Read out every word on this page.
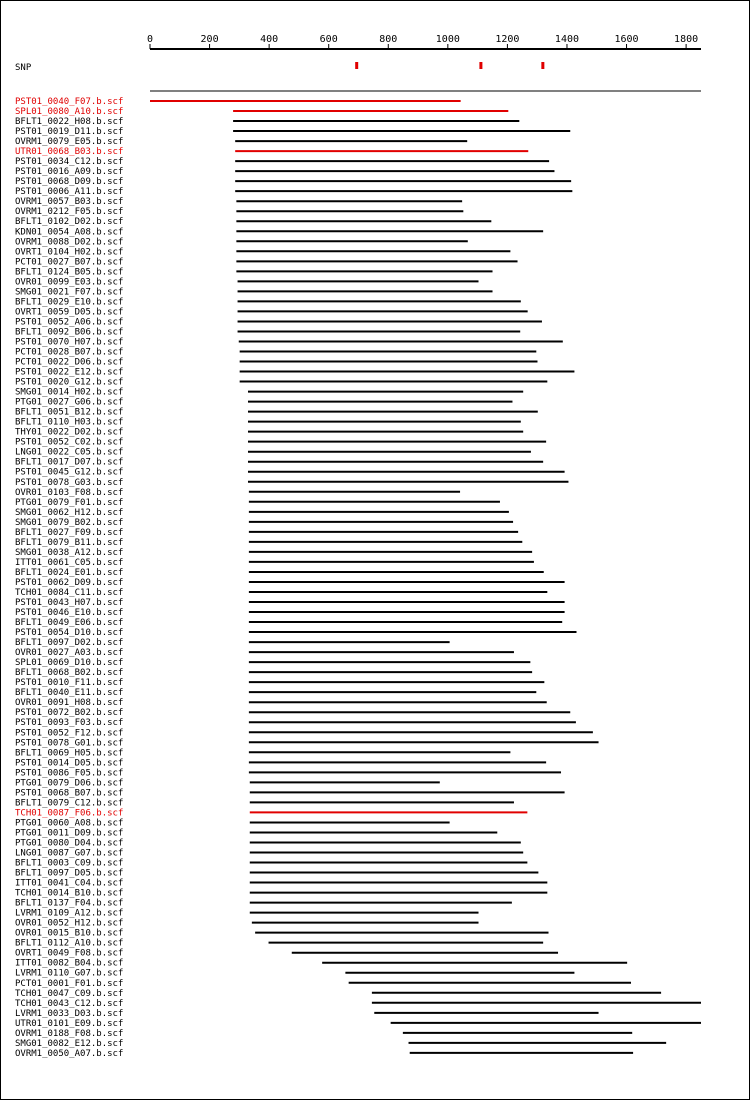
0	200	400	600	800	1000	1200	1400	1600	1800
SNP
PST01_0040_F07.b.scf
SPL01_0080_A10.b.scf
BFLT1_0022_H08.b.scf
PST01_0019_D11.b.scf
OVRM1_0079_E05.b.scf
UTR01_0068_B03.b.scf
PST01_0034_C12.b.scf
PST01_0016_A09.b.scf
PST01_0068_D09.b.scf
PST01_0006_A11.b.scf
OVRM1_0057_B03.b.scf
OVRM1_0212_F05.b.scf
BFLT1_0102_D02.b.scf
KDN01_0054_A08.b.scf
OVRM1_0088_D02.b.scf
OVRT1_0104_H02.b.scf
PCT01_0027_B07.b.scf
BFLT1_0124_B05.b.scf
OVR01_0099_E03.b.scf
SMG01_0021_F07.b.scf
BFLT1_0029_E10.b.scf
OVRT1_0059_D05.b.scf
PST01_0052_A06.b.scf
BFLT1_0092_B06.b.scf
PST01_0070_H07.b.scf
PCT01_0028_B07.b.scf
PCT01_0022_D06.b.scf
PST01_0022_E12.b.scf
PST01_0020_G12.b.scf
SMG01_0014_H02.b.scf
PTG01_0027_G06.b.scf
BFLT1_0051_B12.b.scf
BFLT1_0110_H03.b.scf
THY01_0022_D02.b.scf
PST01_0052_C02.b.scf
LNG01_0022_C05.b.scf
BFLT1_0017_D07.b.scf
PST01_0045_G12.b.scf
PST01_0078_G03.b.scf
OVR01_0103_F08.b.scf
PTG01_0079_F01.b.scf
SMG01_0062_H12.b.scf
SMG01_0079_B02.b.scf
BFLT1_0027_F09.b.scf
BFLT1_0079_B11.b.scf
SMG01_0038_A12.b.scf
ITT01_0061_C05.b.scf
BFLT1_0024_E01.b.scf
PST01_0062_D09.b.scf
TCH01_0084_C11.b.scf
PST01_0043_H07.b.scf
PST01_0046_E10.b.scf
BFLT1_0049_E06.b.scf
PST01_0054_D10.b.scf
BFLT1_0097_D02.b.scf
OVR01_0027_A03.b.scf
SPL01_0069_D10.b.scf
BFLT1_0068_B02.b.scf
PST01_0010_F11.b.scf
BFLT1_0040_E11.b.scf
OVR01_0091_H08.b.scf
PST01_0072_B02.b.scf
PST01_0093_F03.b.scf
PST01_0052_F12.b.scf
PST01_0078_G01.b.scf
BFLT1_0069_H05.b.scf
PST01_0014_D05.b.scf
PST01_0086_F05.b.scf
PTG01_0079_D06.b.scf
PST01_0068_B07.b.scf
BFLT1_0079_C12.b.scf
TCH01_0087_F06.b.scf
PTG01_0060_A08.b.scf
PTG01_0011_D09.b.scf
PTG01_0080_D04.b.scf
LNG01_0087_G07.b.scf
BFLT1_0003_C09.b.scf
BFLT1_0097_D05.b.scf
ITT01_0041_C04.b.scf
TCH01_0014_B10.b.scf
BFLT1_0137_F04.b.scf
LVRM1_0109_A12.b.scf
OVR01_0052_H12.b.scf
OVR01_0015_B10.b.scf
BFLT1_0112_A10.b.scf
OVRT1_0049_F08.b.scf
ITT01_0082_B04.b.scf
LVRM1_0110_G07.b.scf
PCT01_0001_F01.b.scf
TCH01_0047_C09.b.scf
TCH01_0043_C12.b.scf
LVRM1_0033_D03.b.scf
UTR01_0101_E09.b.scf
OVRM1_0188_F08.b.scf
SMG01_0082_E12.b.scf
OVRM1_0050_A07.b.scf
